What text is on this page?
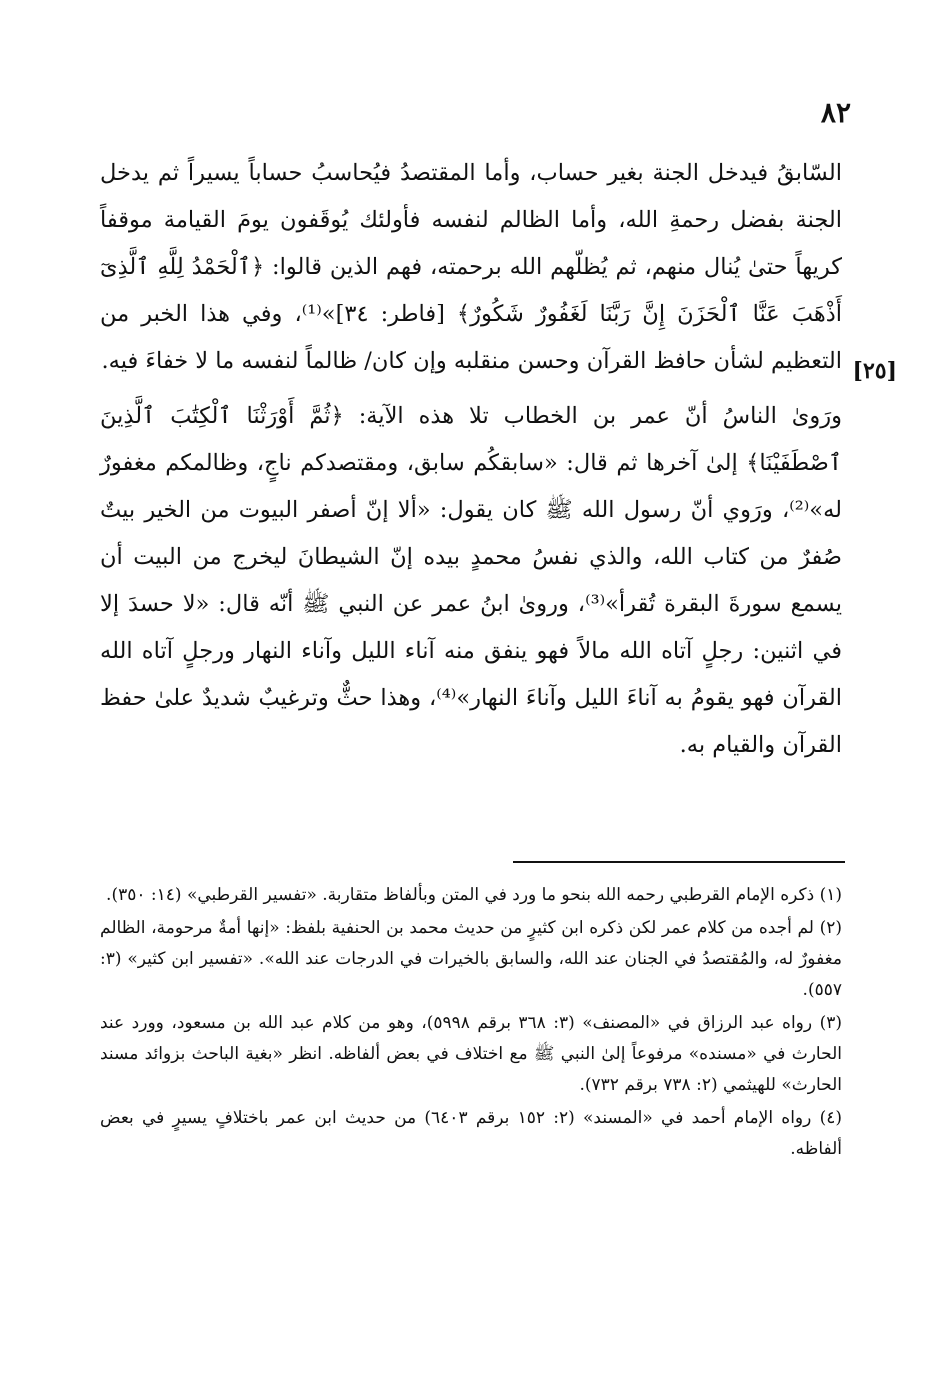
٨٢
[٢٥]

السّابقُ فيدخل الجنة بغير حساب، وأما المقتصدُ فيُحاسبُ حساباً يسيراً ثم يدخل الجنة بفضل رحمةِ الله، وأما الظالم لنفسه فأولئك يُوقَفون يومَ القيامة موقفاً كريهاً حتىٰ يُنال منهم، ثم يُظلّهم الله برحمته، فهم الذين قالوا: ﴿ٱلْحَمْدُ لِلَّهِ ٱلَّذِىٓ أَذْهَبَ عَنَّا ٱلْحَزَنَ إِنَّ رَبَّنَا لَغَفُورٌ شَكُورٌ﴾ [فاطر: ٣٤]»⁽¹⁾، وفي هذا الخبر من التعظيم لشأن حافظ القرآن وحسن منقلبه وإن كان/ ظالماً لنفسه ما لا خفاءَ فيه.

ورَوىٰ الناسُ أنّ عمر بن الخطاب تلا هذه الآية: ﴿ثُمَّ أَوْرَثْنَا ٱلْكِتَٰبَ ٱلَّذِينَ ٱصْطَفَيْنَا﴾ إلىٰ آخرها ثم قال: «سابقكُم سابق، ومقتصدكم ناجٍ، وظالمكم مغفورٌ له»⁽²⁾، ورَوي أنّ رسول الله ﷺ كان يقول: «ألا إنّ أصفر البيوت من الخير بيتٌ صُفرٌ من كتاب الله، والذي نفسُ محمدٍ بيده إنّ الشيطانَ ليخرج من البيت أن يسمع سورةَ البقرة تُقرأ»⁽³⁾، وروىٰ ابنُ عمر عن النبي ﷺ أنّه قال: «لا حسدَ إلا في اثنين: رجلٍ آتاه الله مالاً فهو ينفق منه آناء الليل وآناء النهار ورجلٍ آتاه الله القرآن فهو يقومُ به آناءَ الليل وآناءَ النهار»⁽⁴⁾، وهذا حثٌّ وترغيبٌ شديدٌ علىٰ حفظ القرآن والقيام به.

(١) ذكره الإمام القرطبي رحمه الله بنحو ما ورد في المتن وبألفاظ متقاربة. «تفسير القرطبي» (١٤: ٣٥٠).

(٢) لم أجده من كلام عمر لكن ذكره ابن كثيرٍ من حديث محمد بن الحنفية بلفظ: «إنها أمةٌ مرحومة، الظالم مغفورٌ له، والمُقتصدُ في الجنان عند الله، والسابق بالخيرات في الدرجات عند الله». «تفسير ابن كثير» (٣: ٥٥٧).

(٣) رواه عبد الرزاق في «المصنف» (٣: ٣٦٨ برقم ٥٩٩٨)، وهو من كلام عبد الله بن مسعود، وورد عند الحارث في «مسنده» مرفوعاً إلىٰ النبي ﷺ مع اختلاف في بعض ألفاظه. انظر «بغية الباحث بزوائد مسند الحارث» للهيثمي (٢: ٧٣٨ برقم ٧٣٢).

(٤) رواه الإمام أحمد في «المسند» (٢: ١٥٢ برقم ٦٤٠٣) من حديث ابن عمر باختلافٍ يسيرٍ في بعض ألفاظه.
